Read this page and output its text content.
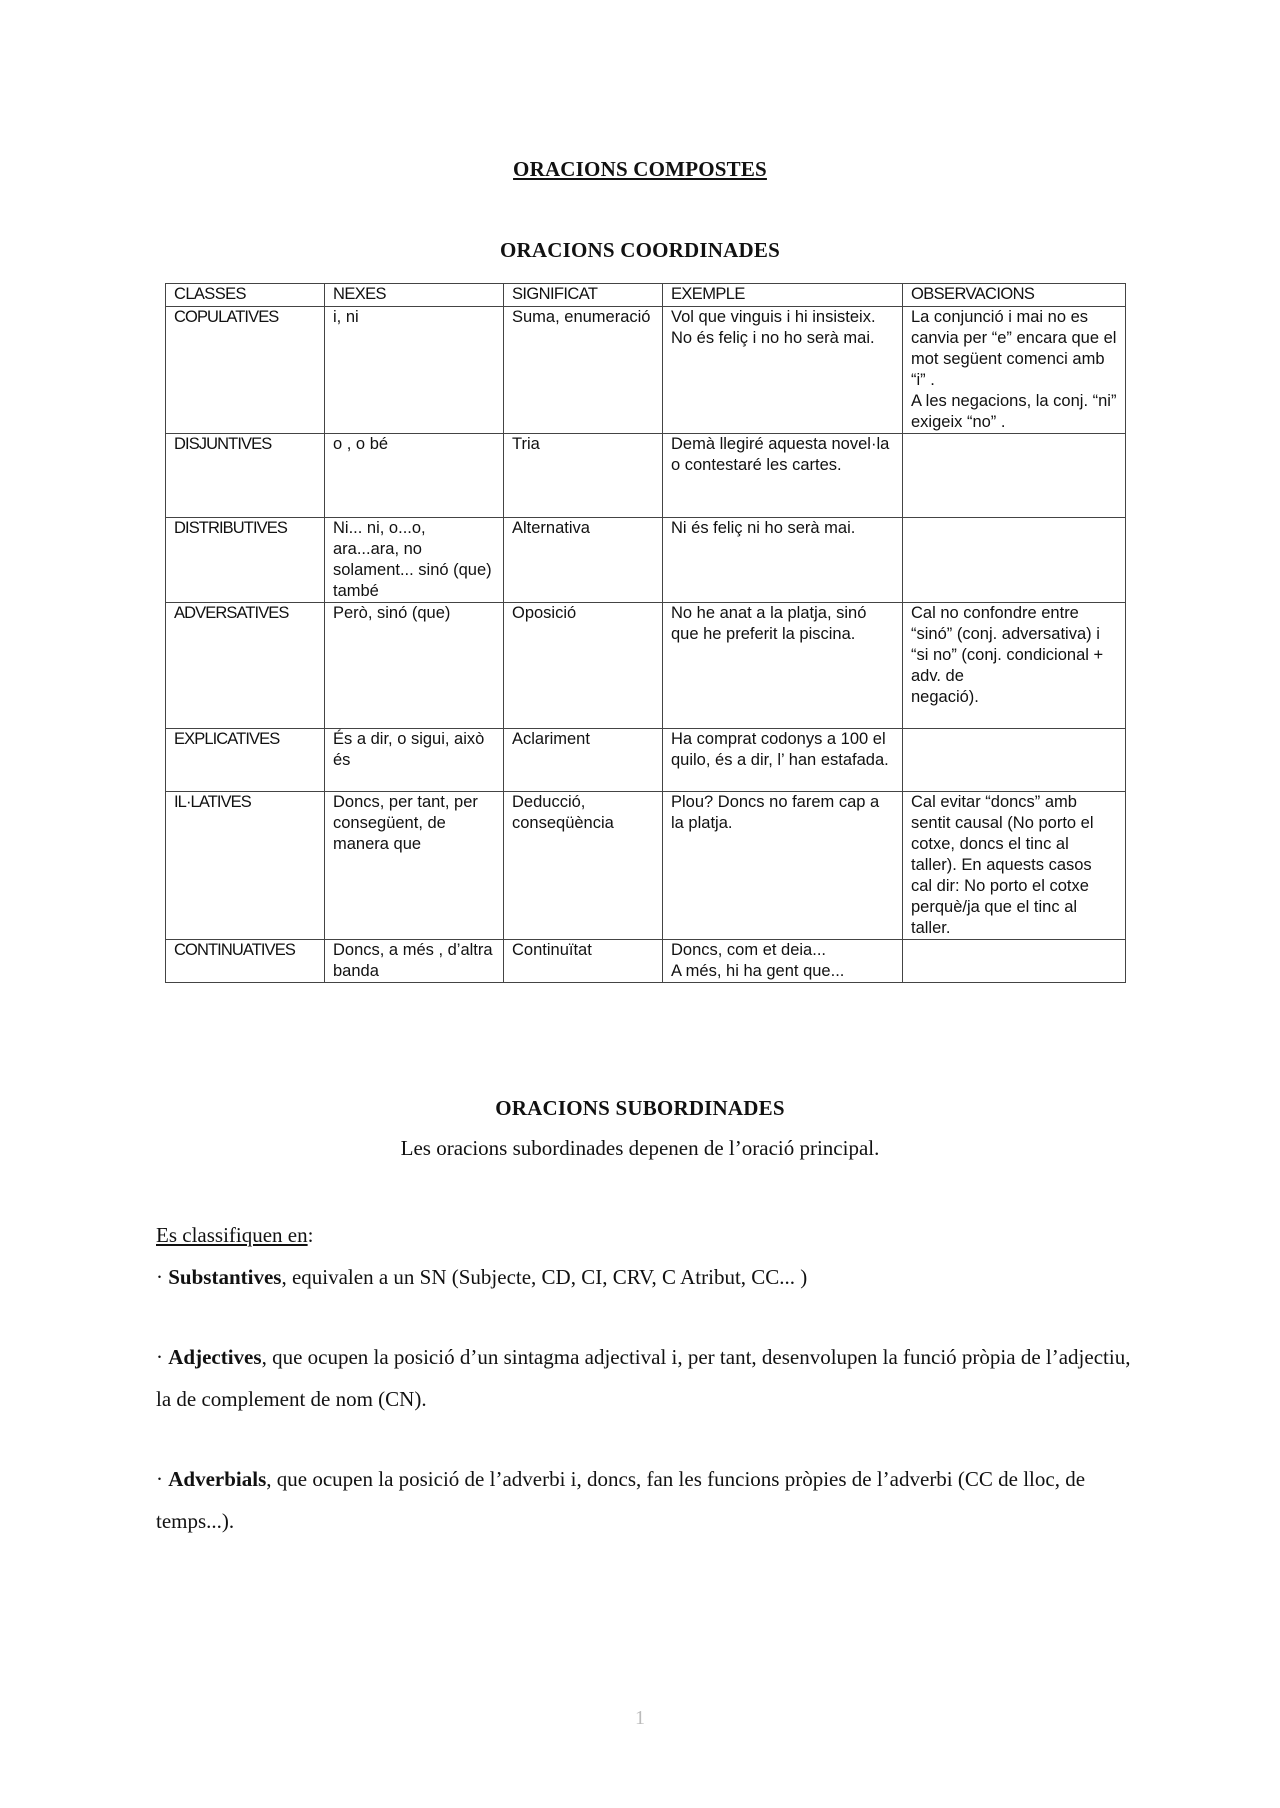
ORACIONS COMPOSTES
ORACIONS COORDINADES
CLASSES	NEXES	SIGNIFICAT	EXEMPLE	OBSERVACIONS
COPULATIVES	i, ni	Suma, enumeració	Vol que vinguis i hi insisteix.
No és feliç i no ho serà mai.	La conjunció i mai no es canvia per “e” encara que el mot següent comenci amb “i” .
A les negacions, la conj. “ni” exigeix “no” .
DISJUNTIVES	o , o bé	Tria	Demà llegiré aquesta novel·la o contestaré les cartes.	
DISTRIBUTIVES	Ni... ni, o...o, ara...ara, no solament... sinó (que) també	Alternativa	Ni és feliç ni ho serà mai.	
ADVERSATIVES	Però, sinó (que)	Oposició	No he anat a la platja, sinó que he preferit la piscina.	Cal no confondre entre “sinó” (conj. adversativa) i “si no” (conj. condicional + adv. de
negació).
EXPLICATIVES	És a dir, o sigui, això és	Aclariment	Ha comprat codonys a 100 el quilo, és a dir, l’ han estafada.	
IL·LATIVES	Doncs, per tant, per consegüent, de manera que	Deducció, conseqüència	Plou? Doncs no farem cap a la platja.	Cal evitar “doncs” amb sentit causal (No porto el cotxe, doncs el tinc al taller). En aquests casos cal dir: No porto el cotxe perquè/ja que el tinc al taller.
CONTINUATIVES	Doncs, a més , d’altra banda	Continuïtat	Doncs, com et deia...
A més, hi ha gent que...	
ORACIONS SUBORDINADES
Les oracions subordinades depenen de l’oració principal.

Es classifiquen en:

· Substantives, equivalen a un SN (Subjecte, CD, CI, CRV, C Atribut, CC... )

· Adjectives, que ocupen la posició d’un sintagma adjectival i, per tant, desenvolupen la funció pròpia de l’adjectiu, la de complement de nom (CN).

· Adverbials, que ocupen la posició de l’adverbi i, doncs, fan les funcions pròpies de l’adverbi (CC de lloc, de temps...).

1
